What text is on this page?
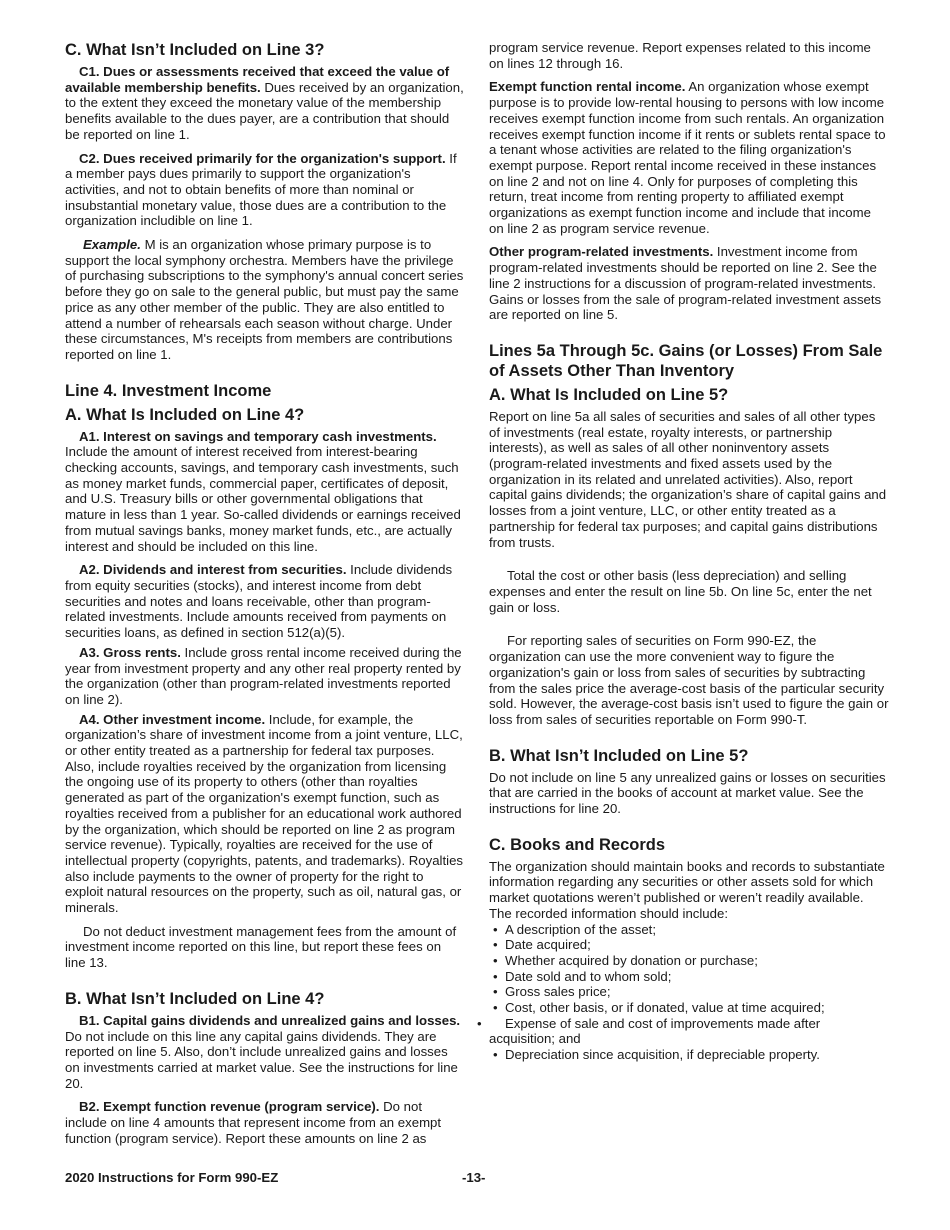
C. What Isn’t Included on Line 3?

C1. Dues or assessments received that exceed the value of available membership benefits. Dues received by an organization, to the extent they exceed the monetary value of the membership benefits available to the dues payer, are a contribution that should be reported on line 1.

C2. Dues received primarily for the organization's support. If a member pays dues primarily to support the organization's activities, and not to obtain benefits of more than nominal or insubstantial monetary value, those dues are a contribution to the organization includible on line 1.

Example. M is an organization whose primary purpose is to support the local symphony orchestra. Members have the privilege of purchasing subscriptions to the symphony's annual concert series before they go on sale to the general public, but must pay the same price as any other member of the public. They are also entitled to attend a number of rehearsals each season without charge. Under these circumstances, M's receipts from members are contributions reported on line 1.

Line 4. Investment Income
A. What Is Included on Line 4?

A1. Interest on savings and temporary cash investments. Include the amount of interest received from interest-bearing checking accounts, savings, and temporary cash investments, such as money market funds, commercial paper, certificates of deposit, and U.S. Treasury bills or other governmental obligations that mature in less than 1 year. So-called dividends or earnings received from mutual savings banks, money market funds, etc., are actually interest and should be included on this line.

A2. Dividends and interest from securities. Include dividends from equity securities (stocks), and interest income from debt securities and notes and loans receivable, other than program-related investments. Include amounts received from payments on securities loans, as defined in section 512(a)(5).

A3. Gross rents. Include gross rental income received during the year from investment property and any other real property rented by the organization (other than program-related investments reported on line 2).

A4. Other investment income. Include, for example, the organization’s share of investment income from a joint venture, LLC, or other entity treated as a partnership for federal tax purposes. Also, include royalties received by the organization from licensing the ongoing use of its property to others (other than royalties generated as part of the organization's exempt function, such as royalties received from a publisher for an educational work authored by the organization, which should be reported on line 2 as program service revenue). Typically, royalties are received for the use of intellectual property (copyrights, patents, and trademarks). Royalties also include payments to the owner of property for the right to exploit natural resources on the property, such as oil, natural gas, or minerals.

Do not deduct investment management fees from the amount of investment income reported on this line, but report these fees on line 13.

B. What Isn’t Included on Line 4?

B1. Capital gains dividends and unrealized gains and losses. Do not include on this line any capital gains dividends. They are reported on line 5. Also, don’t include unrealized gains and losses on investments carried at market value. See the instructions for line 20.

B2. Exempt function revenue (program service). Do not include on line 4 amounts that represent income from an exempt function (program service). Report these amounts on line 2 as

program service revenue. Report expenses related to this income on lines 12 through 16.

Exempt function rental income. An organization whose exempt purpose is to provide low-rental housing to persons with low income receives exempt function income from such rentals. An organization receives exempt function income if it rents or sublets rental space to a tenant whose activities are related to the filing organization's exempt purpose. Report rental income received in these instances on line 2 and not on line 4. Only for purposes of completing this return, treat income from renting property to affiliated exempt organizations as exempt function income and include that income on line 2 as program service revenue.

Other program-related investments. Investment income from program-related investments should be reported on line 2. See the line 2 instructions for a discussion of program-related investments. Gains or losses from the sale of program-related investment assets are reported on line 5.

Lines 5a Through 5c. Gains (or Losses) From Sale of Assets Other Than Inventory
A. What Is Included on Line 5?

Report on line 5a all sales of securities and sales of all other types of investments (real estate, royalty interests, or partnership interests), as well as sales of all other noninventory assets (program-related investments and fixed assets used by the organization in its related and unrelated activities). Also, report capital gains dividends; the organization’s share of capital gains and losses from a joint venture, LLC, or other entity treated as a partnership for federal tax purposes; and capital gains distributions from trusts.

Total the cost or other basis (less depreciation) and selling expenses and enter the result on line 5b. On line 5c, enter the net gain or loss.

For reporting sales of securities on Form 990-EZ, the organization can use the more convenient way to figure the organization's gain or loss from sales of securities by subtracting from the sales price the average-cost basis of the particular security sold. However, the average-cost basis isn’t used to figure the gain or loss from sales of securities reportable on Form 990-T.

B. What Isn’t Included on Line 5?

Do not include on line 5 any unrealized gains or losses on securities that are carried in the books of account at market value. See the instructions for line 20.

C. Books and Records

The organization should maintain books and records to substantiate information regarding any securities or other assets sold for which market quotations weren’t published or weren’t readily available. The recorded information should include:

• A description of the asset;
• Date acquired;
• Whether acquired by donation or purchase;
• Date sold and to whom sold;
• Gross sales price;
• Cost, other basis, or if donated, value at time acquired;
• Expense of sale and cost of improvements made after acquisition; and
• Depreciation since acquisition, if depreciable property.
2020 Instructions for Form 990-EZ	-13-
